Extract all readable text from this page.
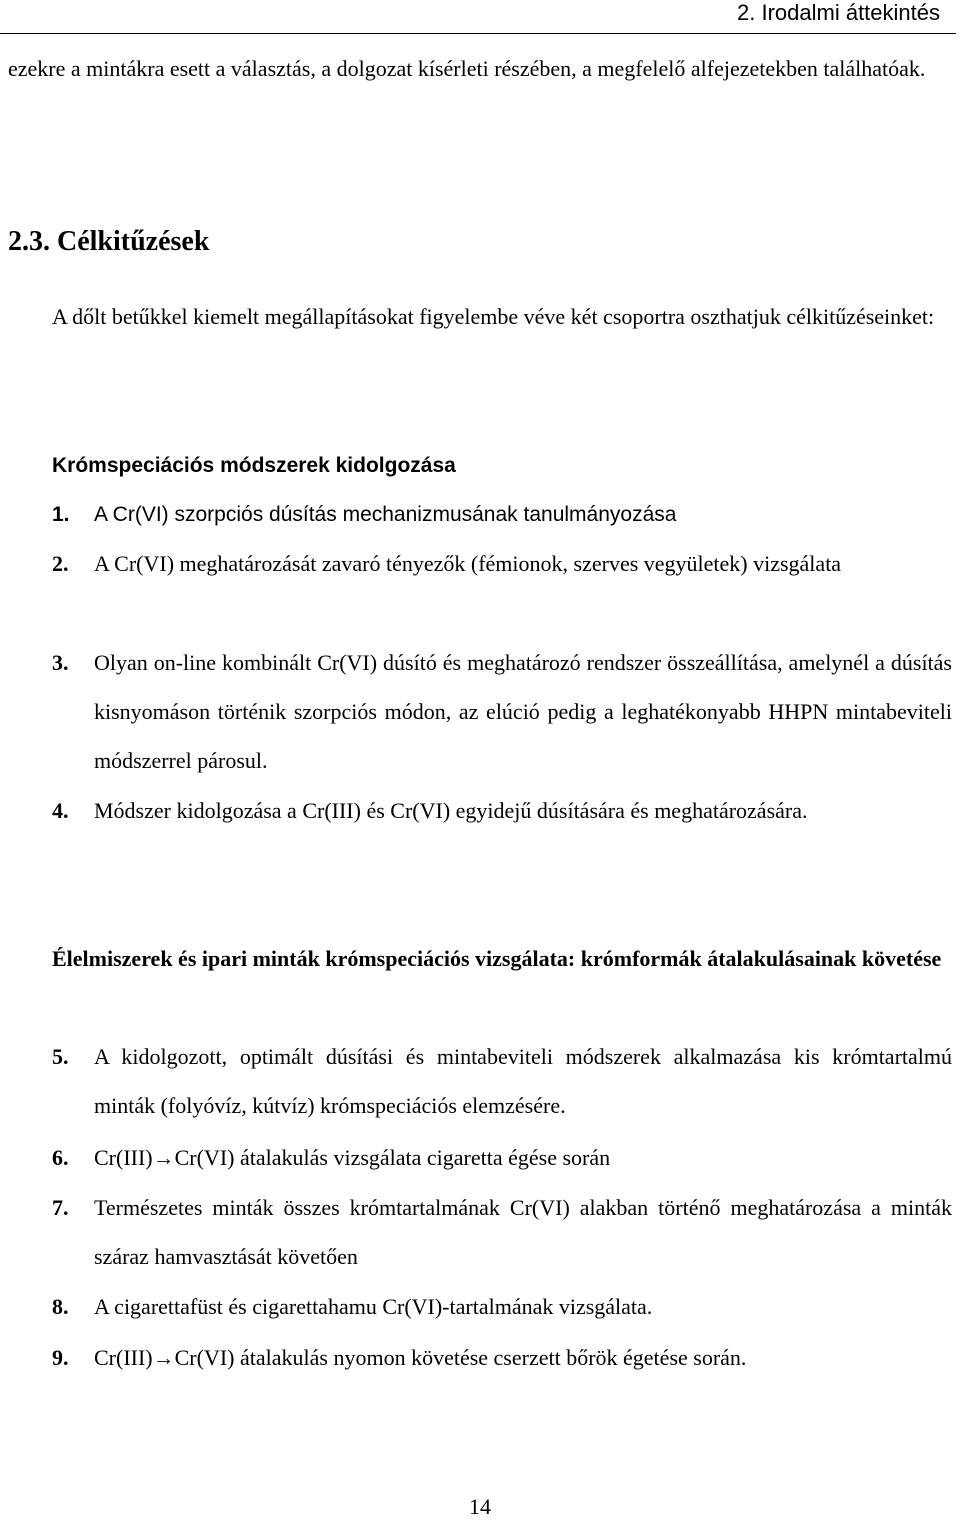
2. Irodalmi áttekintés
ezekre a mintákra esett a választás, a dolgozat kísérleti részében, a megfelelő alfejezetekben találhatóak.
2.3. Célkitűzések
A dőlt betűkkel kiemelt megállapításokat figyelembe véve két csoportra oszthatjuk célkitűzéseinket:
Krómspeciációs módszerek kidolgozása
1.	A Cr(VI) szorpciós dúsítás mechanizmusának tanulmányozása
2.	A Cr(VI) meghatározását zavaró tényezők (fémionok, szerves vegyületek) vizsgálata
3.	Olyan on-line kombinált Cr(VI) dúsító és meghatározó rendszer összeállítása, amelynél a dúsítás kisnyomáson történik szorpciós módon, az elúció pedig a leghatékonyabb HHPN mintabeviteli módszerrel párosul.
4.	Módszer kidolgozása a Cr(III) és Cr(VI) egyidejű dúsítására és meghatározására.
Élelmiszerek és ipari minták krómspeciációs vizsgálata: krómformák átalakulásainak követése
5.	A kidolgozott, optimált dúsítási és mintabeviteli módszerek alkalmazása kis krómtartalmú minták (folyóvíz, kútvíz) krómspeciációs elemzésére.
6.	Cr(III)→Cr(VI) átalakulás vizsgálata cigaretta égése során
7.	Természetes minták összes krómtartalmának Cr(VI) alakban történő meghatározása a minták száraz hamvasztását követően
8.	A cigarettafüst és cigarettahamu Cr(VI)-tartalmának vizsgálata.
9.	Cr(III)→Cr(VI) átalakulás nyomon követése cserzett bőrök égetése során.
14
